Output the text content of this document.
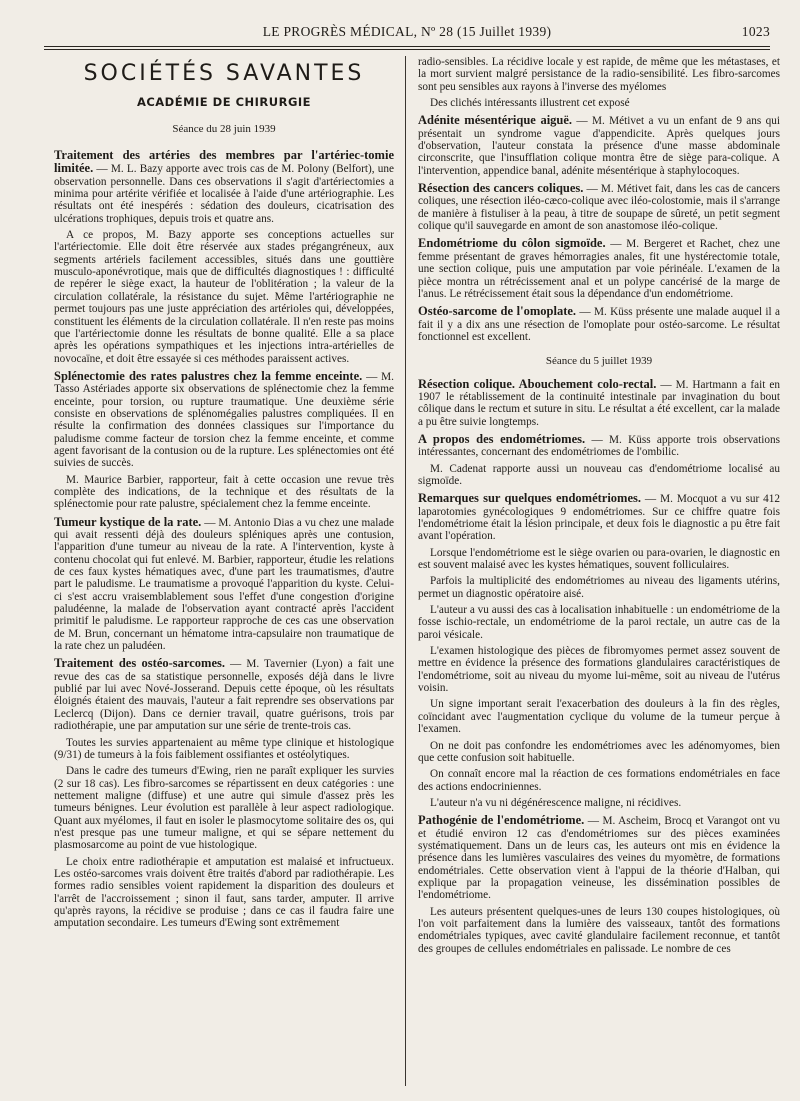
LE PROGRÈS MÉDICAL, Nº 28 (15 Juillet 1939)	1023
SOCIÉTÉS SAVANTES
ACADÉMIE DE CHIRURGIE
Séance du 28 juin 1939

Traitement des artéries des membres par l'artériec-tomie limitée. — M. L. Bazy apporte avec trois cas de M. Polony (Belfort), une observation personnelle. Dans ces observations il s'agit d'artériectomies a minima pour artérite vérifiée et localisée à l'aide d'une artériographie. Les résultats ont été inespérés : sédation des douleurs, cicatrisation des ulcérations trophiques, depuis trois et quatre ans.

A ce propos, M. Bazy apporte ses conceptions actuelles sur l'artériectomie. Elle doit être réservée aux stades prégangréneux, aux segments artériels facilement accessibles, situés dans une gouttière musculo-aponévrotique, mais que de difficultés diagnostiques ! : difficulté de repérer le siège exact, la hauteur de l'oblitération ; la valeur de la circulation collatérale, la résistance du sujet. Même l'artériographie ne permet toujours pas une juste appréciation des artérioles qui, développées, constituent les éléments de la circulation collatérale. Il n'en reste pas moins que l'artériectomie donne les résultats de bonne qualité. Elle a sa place après les opérations sympathiques et les injections intra-artérielles de novocaïne, et doit être essayée si ces méthodes paraissent actives.

Splénectomie des rates palustres chez la femme enceinte. — M. Tasso Astériades apporte six observations de splénectomie chez la femme enceinte, pour torsion, ou rupture traumatique. Une deuxième série consiste en observations de splénomégalies palustres compliquées. Il en résulte la confirmation des données classiques sur l'importance du paludisme comme facteur de torsion chez la femme enceinte, et comme agent favorisant de la contusion ou de la rupture. Les splénectomies ont été suivies de succès.

M. Maurice Barbier, rapporteur, fait à cette occasion une revue très complète des indications, de la technique et des résultats de la splénectomie pour rate palustre, spécialement chez la femme enceinte.

Tumeur kystique de la rate. — M. Antonio Dias a vu chez une malade qui avait ressenti déjà des douleurs spléniques après une contusion, l'apparition d'une tumeur au niveau de la rate. A l'intervention, kyste à contenu chocolat qui fut enlevé. M. Barbier, rapporteur, étudie les relations de ces faux kystes hématiques avec, d'une part les traumatismes, d'autre part le paludisme. Le traumatisme a provoqué l'apparition du kyste. Celui-ci s'est accru vraisemblablement sous l'effet d'une congestion d'origine paludéenne, la malade de l'observation ayant contracté après l'accident primitif le paludisme. Le rapporteur rapproche de ces cas une observation de M. Brun, concernant un hématome intra-capsulaire non traumatique de la rate chez un paludéen.

Traitement des ostéo-sarcomes. — M. Tavernier (Lyon) a fait une revue des cas de sa statistique personnelle, exposés déjà dans le livre publié par lui avec Nové-Josserand. Depuis cette époque, où les résultats éloignés étaient des mauvais, l'auteur a fait reprendre ses observations par Leclercq (Dijon). Dans ce dernier travail, quatre guérisons, trois par radiothérapie, une par amputation sur une série de trente-trois cas.

Toutes les survies appartenaient au même type clinique et histologique (9/31) de tumeurs à la fois faiblement ossifiantes et ostéolytiques.

Dans le cadre des tumeurs d'Ewing, rien ne paraît expliquer les survies (2 sur 18 cas). Les fibro-sarcomes se répartissent en deux catégories : une nettement maligne (diffuse) et une autre qui simule d'assez près les tumeurs bénignes. Leur évolution est parallèle à leur aspect radiologique. Quant aux myélomes, il faut en isoler le plasmocytome solitaire des os, qui n'est presque pas une tumeur maligne, et qui se sépare nettement du plasmosarcome au point de vue histologique.

Le choix entre radiothérapie et amputation est malaisé et infructueux. Les ostéo-sarcomes vrais doivent être traités d'abord par radiothérapie. Les formes radio sensibles voient rapidement la disparition des douleurs et l'arrêt de l'accroissement ; sinon il faut, sans tarder, amputer. Il arrive qu'après rayons, la récidive se produise ; dans ce cas il faudra faire une amputation secondaire. Les tumeurs d'Ewing sont extrêmement

radio-sensibles. La récidive locale y est rapide, de même que les métastases, et la mort survient malgré persistance de la radio-sensibilité. Les fibro-sarcomes sont peu sensibles aux rayons à l'inverse des myélomes

Des clichés intéressants illustrent cet exposé

Adénite mésentérique aiguë. — M. Métivet a vu un enfant de 9 ans qui présentait un syndrome vague d'appendicite. Après quelques jours d'observation, l'auteur constata la présence d'une masse abdominale circonscrite, que l'insufflation colique montra être de siège para-colique. A l'intervention, appendice banal, adénite mésentérique à staphylocoques.

Résection des cancers coliques. — M. Métivet fait, dans les cas de cancers coliques, une résection iléo-cæco-colique avec iléo-colostomie, mais il s'arrange de manière à fistuliser à la peau, à titre de soupape de sûreté, un petit segment colique qu'il sauvegarde en amont de son anastomose iléo-colique.

Endométriome du côlon sigmoïde. — M. Bergeret et Rachet, chez une femme présentant de graves hémorragies anales, fit une hystérectomie totale, une section colique, puis une amputation par voie périnéale. L'examen de la pièce montra un rétrécissement anal et un polype cancérisé de la marge de l'anus. Le rétrécissement était sous la dépendance d'un endométriome.

Ostéo-sarcome de l'omoplate. — M. Küss présente une malade auquel il a fait il y a dix ans une résection de l'omoplate pour ostéo-sarcome. Le résultat fonctionnel est excellent.

Séance du 5 juillet 1939

Résection colique. Abouchement colo-rectal. — M. Hartmann a fait en 1907 le rétablissement de la continuité intestinale par invagination du bout côlique dans le rectum et suture in situ. Le résultat a été excellent, car la malade a pu être suivie longtemps.

A propos des endométriomes. — M. Küss apporte trois observations intéressantes, concernant des endométriomes de l'ombilic.

M. Cadenat rapporte aussi un nouveau cas d'endométriome localisé au sigmoïde.

Remarques sur quelques endométriomes. — M. Mocquot a vu sur 412 laparotomies gynécologiques 9 endométriomes. Sur ce chiffre quatre fois l'endométriome était la lésion principale, et deux fois le diagnostic a pu être fait avant l'opération.

Lorsque l'endométriome est le siège ovarien ou para-ovarien, le diagnostic en est souvent malaisé avec les kystes hématiques, souvent folliculaires.

Parfois la multiplicité des endométriomes au niveau des ligaments utérins, permet un diagnostic opératoire aisé.

L'auteur a vu aussi des cas à localisation inhabituelle : un endométriome de la fosse ischio-rectale, un endométriome de la paroi rectale, un autre cas de la paroi vésicale.

L'examen histologique des pièces de fibromyomes permet assez souvent de mettre en évidence la présence des formations glandulaires caractéristiques de l'endométriome, soit au niveau du myome lui-même, soit au niveau de l'utérus voisin.

Un signe important serait l'exacerbation des douleurs à la fin des règles, coïncidant avec l'augmentation cyclique du volume de la tumeur perçue à l'examen.

On ne doit pas confondre les endométriomes avec les adénomyomes, bien que cette confusion soit habituelle.

On connaît encore mal la réaction de ces formations endométriales en face des actions endocriniennes.

L'auteur n'a vu ni dégénérescence maligne, ni récidives.

Pathogénie de l'endométriome. — M. Ascheim, Brocq et Varangot ont vu et étudié environ 12 cas d'endométriomes sur des pièces examinées systématiquement. Dans un de leurs cas, les auteurs ont mis en évidence la présence dans les lumières vasculaires des veines du myomètre, de formations endométriales. Cette observation vient à l'appui de la théorie d'Halban, qui explique par la propagation veineuse, les dissémination possibles de l'endométriome.

Les auteurs présentent quelques-unes de leurs 130 coupes histologiques, où l'on voit parfaitement dans la lumière des vaisseaux, tantôt des formations endométriales typiques, avec cavité glandulaire facilement reconnue, et tantôt des groupes de cellules endométriales en palissade. Le nombre de ces
